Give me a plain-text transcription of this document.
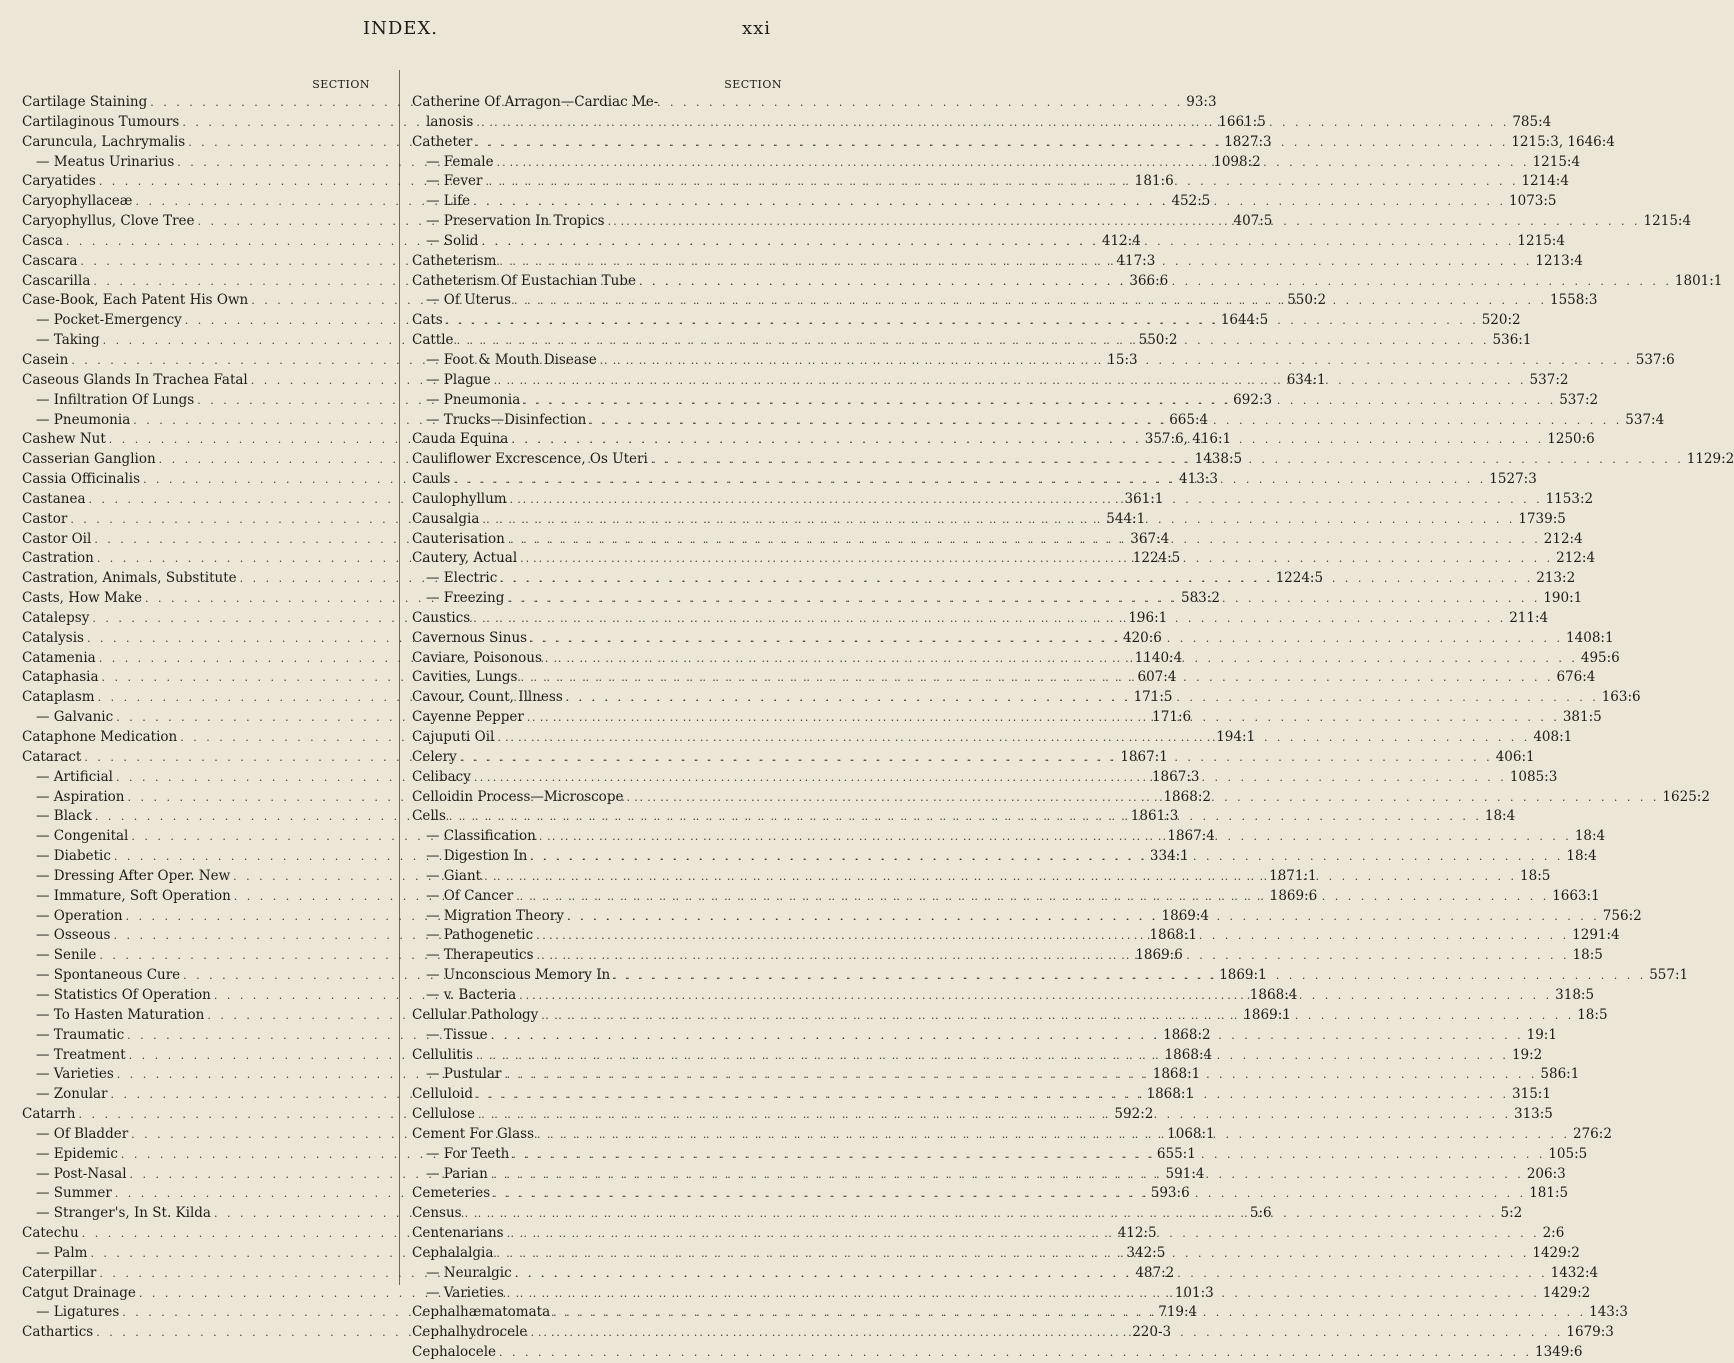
INDEX.	xxi
SECTION
Cartilage Staining . . .	93:3
Cartilaginous Tumours . . .	1661:5
Caruncula, Lachrymalis . . .	1827:3
— Meatus Urinarius . . .	1098:2
Caryatides . . .	181:6
Caryophyllaceæ . . .	452:5
Caryophyllus, Clove Tree . . .	407:5
Casca . . .	412:4
Cascara . . .	417:3
Cascarilla . . .	366:6
Case-Book, Each Patent His Own . . .	550:2
— Pocket-Emergency . . .	1644:5
— Taking . . .	550:2
Casein . . .	15:3
Caseous Glands In Trachea Fatal . . .	634:1
— Infiltration Of Lungs . . .	692:3
— Pneumonia . . .	665:4
Cashew Nut . . .	357:6, 416:1
Casserian Ganglion . . .	1438:5
Cassia Officinalis . . .	413:3
Castanea . . .	361:1
Castor . . .	544:1
Castor Oil . . .	367:4
Castration . . .	1224:5
Castration, Animals, Substitute . . .	1224:5
Casts, How Make . . .	583:2
Catalepsy . . .	196:1
Catalysis . . .	420:6
Catamenia . . .	1140:4
Cataphasia . . .	607:4
Cataplasm . . .	171:5
— Galvanic . . .	171:6
Cataphone Medication . . .	194:1
Cataract . . .	1867:1
— Artificial . . .	1867:3
— Aspiration . . .	1868:2
— Black . . .	1861:3
— Congenital . . .	1867:4
— Diabetic . . .	334:1
— Dressing After Oper. New . . .	1871:1
— Immature, Soft Operation . . .	1869:6
— Operation . . .	1869:4
— Osseous . . .	1868:1
— Senile . . .	1869:6
— Spontaneous Cure . . .	1869:1
— Statistics Of Operation . . .	1868:4
— To Hasten Maturation . . .	1869:1
— Traumatic . . .	1868:2
— Treatment . . .	1868:4
— Varieties . . .	1868:1
— Zonular . . .	1868:1
Catarrh . . .	592:2
— Of Bladder . . .	1068:1
— Epidemic . . .	655:1
— Post-Nasal . . .	591:4
— Summer . . .	593:6
— Stranger's, In St. Kilda . . .	5:6
Catechu . . .	412:5
— Palm . . .	342:5
Caterpillar . . .	487:2
Catgut Drainage . . .	101:3
— Ligatures . . .	719:4
Cathartics . . .	220-3
SECTION
Catherine Of Arragon—Cardiac Me-
lanosis . . .	785:4
Catheter . . .	1215:3, 1646:4
— Female . . .	1215:4
— Fever . . .	1214:4
— Life . . .	1073:5
— Preservation In Tropics . . .	1215:4
— Solid . . .	1215:4
Catheterism . . .	1213:4
Catheterism Of Eustachian Tube . . .	1801:1
— Of Uterus . . .	1558:3
Cats . . .	520:2
Cattle . . .	536:1
— Foot & Mouth Disease . . .	537:6
— Plague . . .	537:2
— Pneumonia . . .	537:2
— Trucks—Disinfection . . .	537:4
Cauda Equina . . .	1250:6
Cauliflower Excrescence, Os Uteri . . .	1129:2
Cauls . . .	1527:3
Caulophyllum . . .	1153:2
Causalgia . . .	1739:5
Cauterisation . . .	212:4
Cautery, Actual . . .	212:4
— Electric . . .	213:2
— Freezing . . .	190:1
Caustics . . .	211:4
Cavernous Sinus . . .	1408:1
Caviare, Poisonous . . .	495:6
Cavities, Lungs . . .	676:4
Cavour, Count, Illness . . .	163:6
Cayenne Pepper . . .	381:5
Cajuputi Oil . . .	408:1
Celery . . .	406:1
Celibacy . . .	1085:3
Celloidin Process—Microscope . . .	1625:2
Cells . . .	18:4
— Classification . . .	18:4
— Digestion In . . .	18:4
— Giant . . .	18:5
— Of Cancer . . .	1663:1
— Migration Theory . . .	756:2
— Pathogenetic . . .	1291:4
— Therapeutics . . .	18:5
— Unconscious Memory In . . .	557:1
— v. Bacteria . . .	318:5
Cellular Pathology . . .	18:5
— Tissue . . .	19:1
Cellulitis . . .	19:2
— Pustular . . .	586:1
Celluloid . . .	315:1
Cellulose . . .	313:5
Cement For Glass . . .	276:2
— For Teeth . . .	105:5
— Parian . . .	206:3
Cemeteries . . .	181:5
Census . . .	5:2
Centenarians . . .	2:6
Cephalalgia . . .	1429:2
— Neuralgic . . .	1432:4
— Varieties . . .	1429:2
Cephalhæmatomata . . .	143:3
Cephalhydrocele . . .	1679:3
Cephalocele . . .	1349:6
